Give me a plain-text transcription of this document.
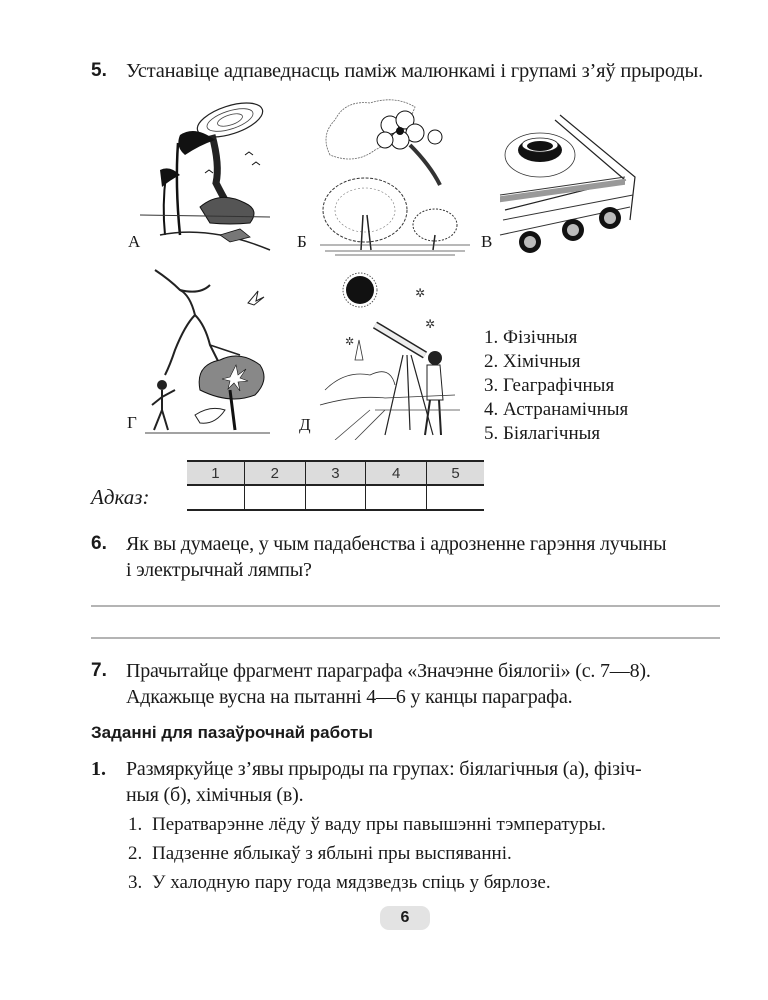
5. Устанавіце адпаведнасць паміж малюнкамі і групамі з’яў прыроды.
А	Б	В
Г
✲
✲
✲
Д
1. Фізічныя
2. Хімічныя
3. Геаграфічныя
4. Астранамічныя
5. Біялагічныя
Адказ:
1	2	3	4	5

6. Як вы думаеце, у чым падабенства і адрозненне гарэння лучыны
і электрычнай лямпы?
7. Прачытайце фрагмент параграфа «Значэнне біялогіі» (с. 7—8).
Адкажыце вусна на пытанні 4—6 у канцы параграфа.
Заданні для пазаўрочнай работы
1. Размяркуйце з’явы прыроды па групах: біялагічныя (а), фізіч-
ныя (б), хімічныя (в).
1. Ператварэнне лёду ў ваду пры павышэнні тэмпературы.
2. Падзенне яблыкаў з яблыні пры выспяванні.
3. У халодную пару года мядзведзь спіць у бярлозе.
6
